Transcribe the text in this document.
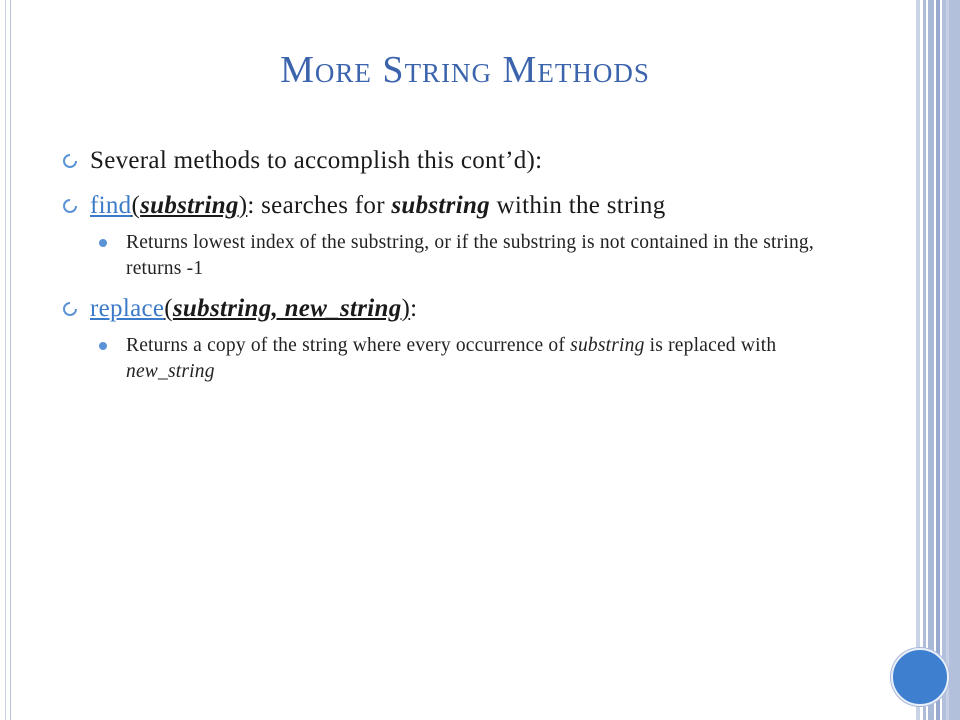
More String Methods
Several methods to accomplish this cont’d):
find(substring): searches for substring within the string
Returns lowest index of the substring, or if the substring is not contained in the string, returns -1
replace(substring, new_string):
Returns a copy of the string where every occurrence of substring is replaced with new_string
